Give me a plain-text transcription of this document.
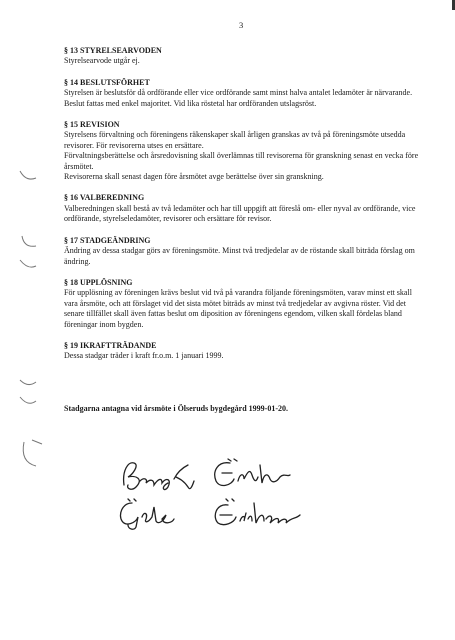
3
§ 13 STYRELSEARVODEN

Styrelsearvode utgår ej.

§ 14 BESLUTSFÖRHET

Styrelsen är beslutsför då ordförande eller vice ordförande samt minst halva antalet ledamöter är närvarande. Beslut fattas med enkel majoritet. Vid lika röstetal har ordföranden utslagsröst.

§ 15 REVISION

Styrelsens förvaltning och föreningens räkenskaper skall årligen granskas av två på föreningsmöte utsedda revisorer. För revisorerna utses en ersättare.

Förvaltningsberättelse och årsredovisning skall överlämnas till revisorerna för granskning senast en vecka före årsmötet.

Revisorerna skall senast dagen före årsmötet avge berättelse över sin granskning.

§ 16 VALBEREDNING

Valberedningen skall bestå av två ledamöter och har till uppgift att föreslå om- eller nyval av ordförande, vice ordförande, styrelseledamöter, revisorer och ersättare för revisor.

§ 17 STADGEÄNDRING

Ändring av dessa stadgar görs av föreningsmöte. Minst två tredjedelar av de röstande skall biträda förslag om ändring.

§ 18 UPPLÖSNING

För upplösning av föreningen krävs beslut vid två på varandra följande föreningsmöten, varav minst ett skall vara årsmöte, och att förslaget vid det sista mötet biträds av minst två tredjedelar av avgivna röster. Vid det senare tillfället skall även fattas beslut om diposition av föreningens egendom, vilken skall fördelas bland föreningar inom bygden.

§ 19 IKRAFTTRÄDANDE

Dessa stadgar träder i kraft fr.o.m. 1 januari 1999.

Stadgarna antagna vid årsmöte i Ölseruds bygdegård 1999-01-20.
